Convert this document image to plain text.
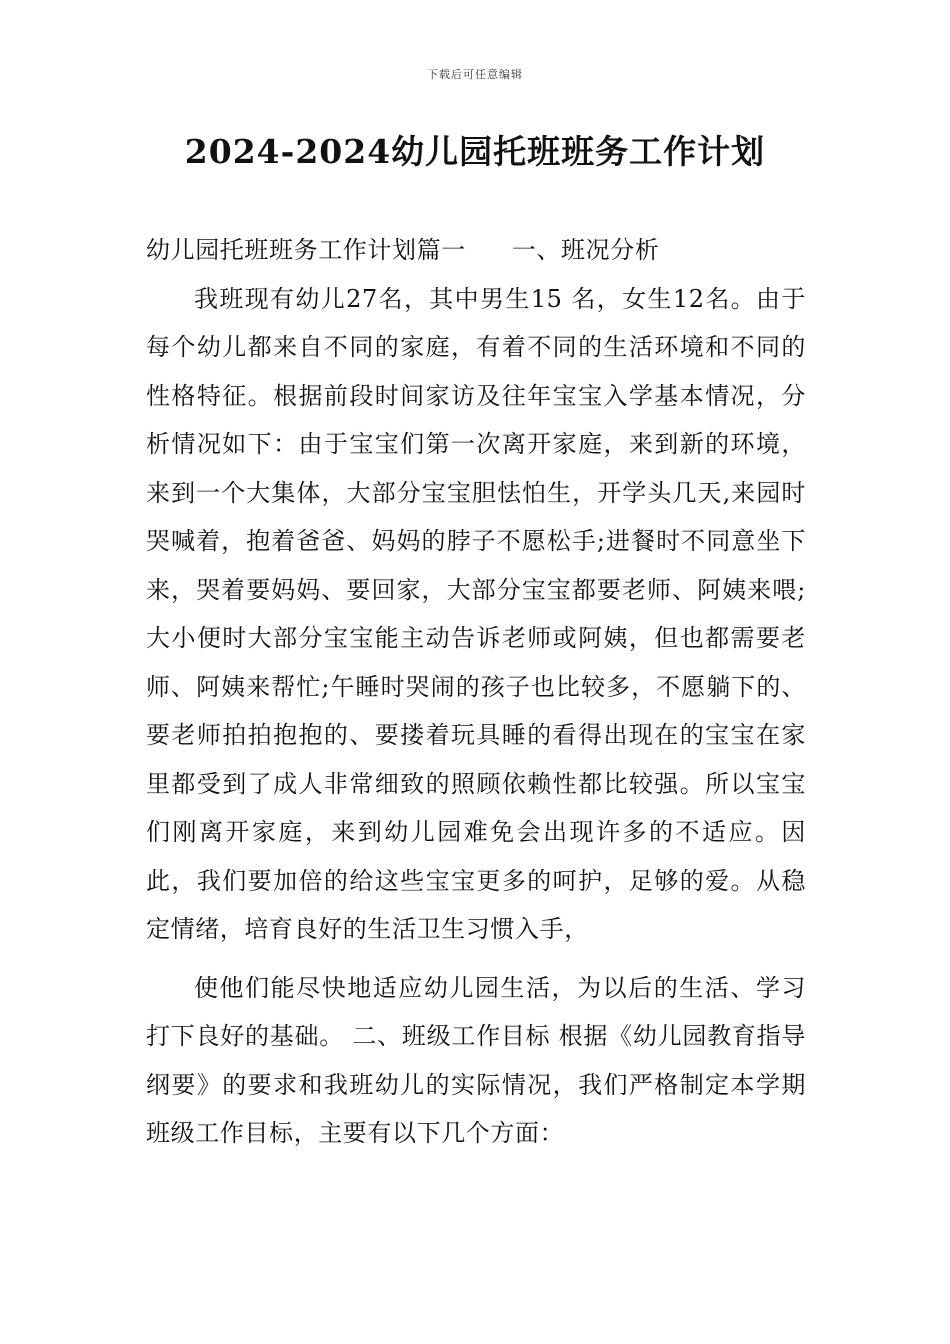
下载后可任意编辑
2024-2024幼儿园托班班务工作计划

幼儿园托班班务工作计划篇一 一、班况分析

我班现有幼儿27名，其中男生15 名，女生12名。由于每个幼儿都来自不同的家庭，有着不同的生活环境和不同的性格特征。根据前段时间家访及往年宝宝入学基本情况，分析情况如下：由于宝宝们第一次离开家庭，来到新的环境，来到一个大集体，大部分宝宝胆怯怕生，开学头几天,来园时哭喊着，抱着爸爸、妈妈的脖子不愿松手;进餐时不同意坐下来，哭着要妈妈、要回家，大部分宝宝都要老师、阿姨来喂;大小便时大部分宝宝能主动告诉老师或阿姨，但也都需要老师、阿姨来帮忙;午睡时哭闹的孩子也比较多，不愿躺下的、要老师拍拍抱抱的、要搂着玩具睡的看得出现在的宝宝在家里都受到了成人非常细致的照顾依赖性都比较强。所以宝宝们刚离开家庭，来到幼儿园难免会出现许多的不适应。因此，我们要加倍的给这些宝宝更多的呵护，足够的爱。从稳定情绪，培育良好的生活卫生习惯入手，

使他们能尽快地适应幼儿园生活，为以后的生活、学习打下良好的基础。 二、班级工作目标 根据《幼儿园教育指导纲要》的要求和我班幼儿的实际情况，我们严格制定本学期班级工作目标，主要有以下几个方面：
